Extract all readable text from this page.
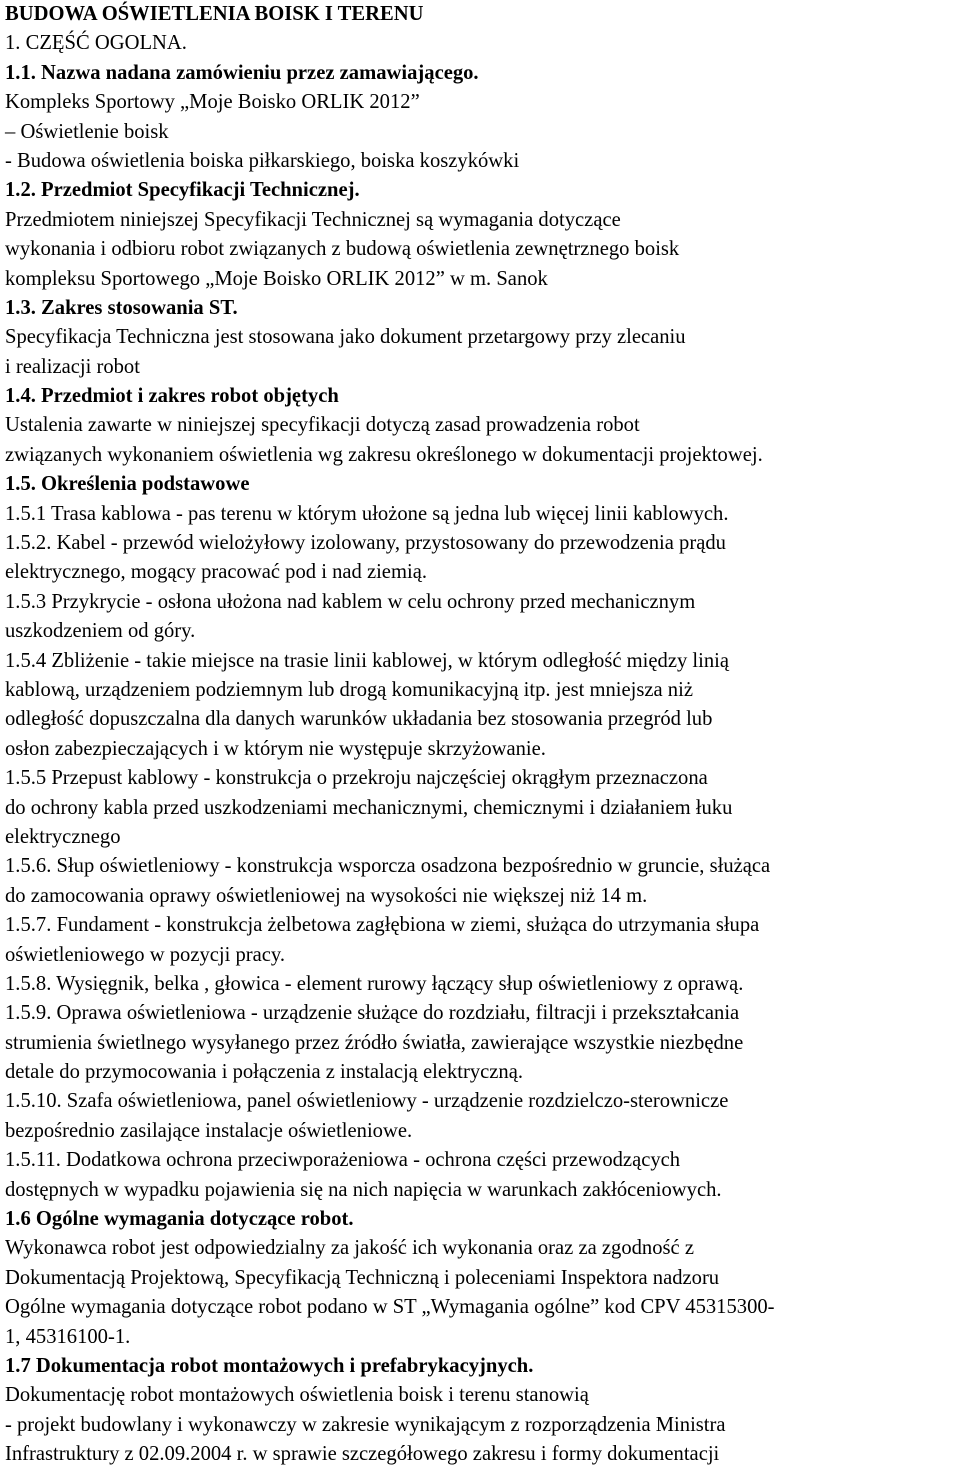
BUDOWA OŚWIETLENIA BOISK I TERENU
1. CZĘŚĆ OGOLNA.
1.1. Nazwa nadana zamówieniu przez zamawiającego.
Kompleks Sportowy „Moje Boisko ORLIK 2012”
– Oświetlenie boisk
- Budowa oświetlenia boiska piłkarskiego, boiska koszykówki
1.2. Przedmiot Specyfikacji Technicznej.
Przedmiotem niniejszej Specyfikacji Technicznej są wymagania dotyczące
wykonania i odbioru robot związanych z budową oświetlenia zewnętrznego boisk
kompleksu Sportowego „Moje Boisko ORLIK 2012” w m. Sanok
1.3. Zakres stosowania ST.
Specyfikacja Techniczna jest stosowana jako dokument przetargowy przy zlecaniu
i realizacji robot
1.4. Przedmiot i zakres robot objętych
Ustalenia zawarte w niniejszej specyfikacji dotyczą zasad prowadzenia robot
związanych wykonaniem oświetlenia wg zakresu określonego w dokumentacji projektowej.
1.5. Określenia podstawowe
1.5.1 Trasa kablowa - pas terenu w którym ułożone są jedna lub więcej linii kablowych.
1.5.2. Kabel - przewód wielożyłowy izolowany, przystosowany do przewodzenia prądu
elektrycznego, mogący pracować pod i nad ziemią.
1.5.3 Przykrycie - osłona ułożona nad kablem w celu ochrony przed mechanicznym
uszkodzeniem od góry.
1.5.4 Zbliżenie - takie miejsce na trasie linii kablowej, w którym odległość między linią
kablową, urządzeniem podziemnym lub drogą komunikacyjną itp. jest mniejsza niż
odległość dopuszczalna dla danych warunków układania bez stosowania przegród lub
osłon zabezpieczających i w którym nie występuje skrzyżowanie.
1.5.5 Przepust kablowy - konstrukcja o przekroju najczęściej okrągłym przeznaczona
do ochrony kabla przed uszkodzeniami mechanicznymi, chemicznymi i działaniem łuku
elektrycznego
1.5.6. Słup oświetleniowy - konstrukcja wsporcza osadzona bezpośrednio w gruncie, służąca
do zamocowania oprawy oświetleniowej na wysokości nie większej niż 14 m.
1.5.7. Fundament - konstrukcja żelbetowa zagłębiona w ziemi, służąca do utrzymania słupa
oświetleniowego w pozycji pracy.
1.5.8. Wysięgnik, belka , głowica - element rurowy łączący słup oświetleniowy z oprawą.
1.5.9. Oprawa oświetleniowa - urządzenie służące do rozdziału, filtracji i przekształcania
strumienia świetlnego wysyłanego przez źródło światła, zawierające wszystkie niezbędne
detale do przymocowania i połączenia z instalacją elektryczną.
1.5.10. Szafa oświetleniowa, panel oświetleniowy - urządzenie rozdzielczo-sterownicze
bezpośrednio zasilające instalacje oświetleniowe.
1.5.11. Dodatkowa ochrona przeciwporażeniowa - ochrona części przewodzących
dostępnych w wypadku pojawienia się na nich napięcia w warunkach zakłóceniowych.
1.6 Ogólne wymagania dotyczące robot.
Wykonawca robot jest odpowiedzialny za jakość ich wykonania oraz za zgodność z
Dokumentacją Projektową, Specyfikacją Techniczną i poleceniami Inspektora nadzoru
Ogólne wymagania dotyczące robot podano w ST „Wymagania ogólne” kod CPV 45315300-
1, 45316100-1.
1.7 Dokumentacja robot montażowych i prefabrykacyjnych.
Dokumentację robot montażowych oświetlenia boisk i terenu stanowią
- projekt budowlany i wykonawczy w zakresie wynikającym z rozporządzenia Ministra
Infrastruktury z 02.09.2004 r. w sprawie szczegółowego zakresu i formy dokumentacji
